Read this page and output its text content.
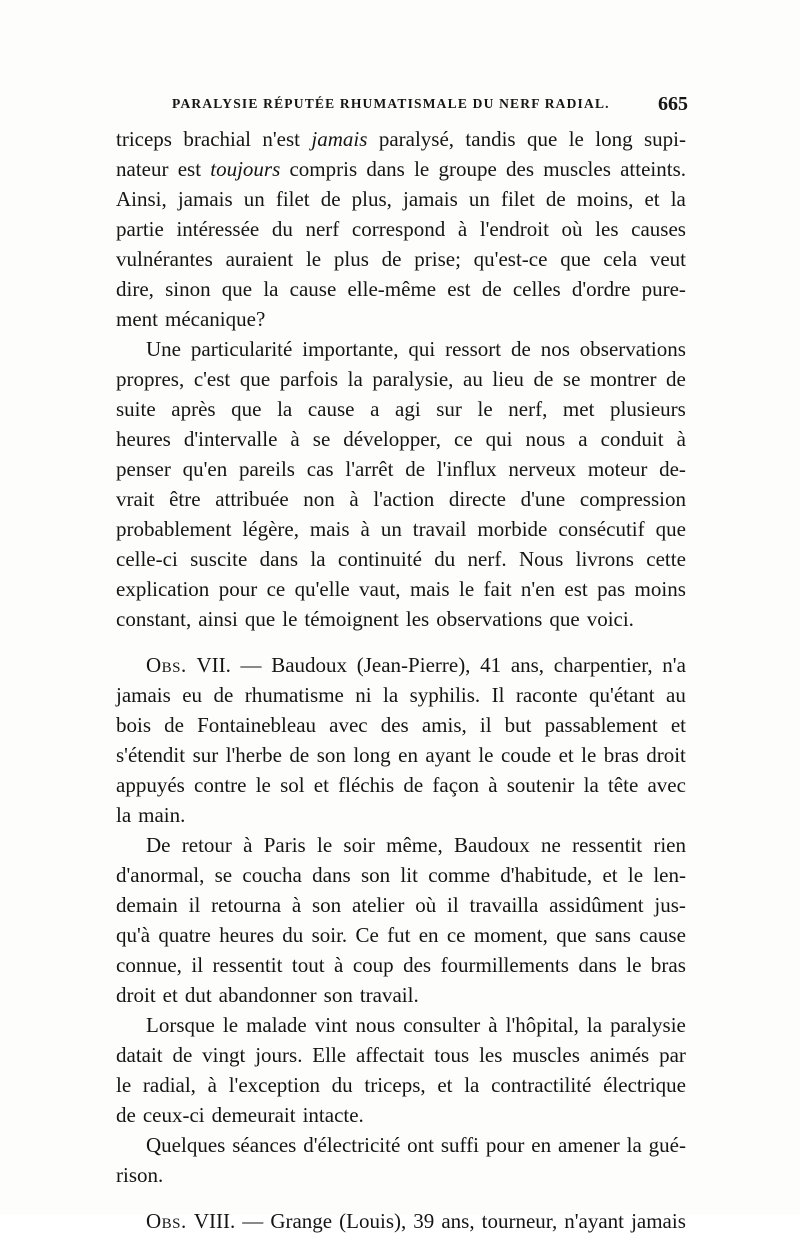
PARALYSIE RÉPUTÉE RHUMATISMALE DU NERF RADIAL. 665
triceps brachial n'est jamais paralysé, tandis que le long supi-
nateur est toujours compris dans le groupe des muscles atteints.
Ainsi, jamais un filet de plus, jamais un filet de moins, et la
partie intéressée du nerf correspond à l'endroit où les causes
vulnérantes auraient le plus de prise; qu'est-ce que cela veut
dire, sinon que la cause elle-même est de celles d'ordre pure-
ment mécanique?
Une particularité importante, qui ressort de nos observations
propres, c'est que parfois la paralysie, au lieu de se montrer de
suite après que la cause a agi sur le nerf, met plusieurs
heures d'intervalle à se développer, ce qui nous a conduit à
penser qu'en pareils cas l'arrêt de l'influx nerveux moteur de-
vrait être attribuée non à l'action directe d'une compression
probablement légère, mais à un travail morbide consécutif que
celle-ci suscite dans la continuité du nerf. Nous livrons cette
explication pour ce qu'elle vaut, mais le fait n'en est pas moins
constant, ainsi que le témoignent les observations que voici.
Obs. VII. — Baudoux (Jean-Pierre), 41 ans, charpentier, n'a
jamais eu de rhumatisme ni la syphilis. Il raconte qu'étant au
bois de Fontainebleau avec des amis, il but passablement et
s'étendit sur l'herbe de son long en ayant le coude et le bras droit
appuyés contre le sol et fléchis de façon à soutenir la tête avec
la main.
De retour à Paris le soir même, Baudoux ne ressentit rien
d'anormal, se coucha dans son lit comme d'habitude, et le len-
demain il retourna à son atelier où il travailla assidûment jus-
qu'à quatre heures du soir. Ce fut en ce moment, que sans cause
connue, il ressentit tout à coup des fourmillements dans le bras
droit et dut abandonner son travail.
Lorsque le malade vint nous consulter à l'hôpital, la paralysie
datait de vingt jours. Elle affectait tous les muscles animés par
le radial, à l'exception du triceps, et la contractilité électrique
de ceux-ci demeurait intacte.
Quelques séances d'électricité ont suffi pour en amener la gué-
rison.
Obs. VIII. — Grange (Louis), 39 ans, tourneur, n'ayant jamais
